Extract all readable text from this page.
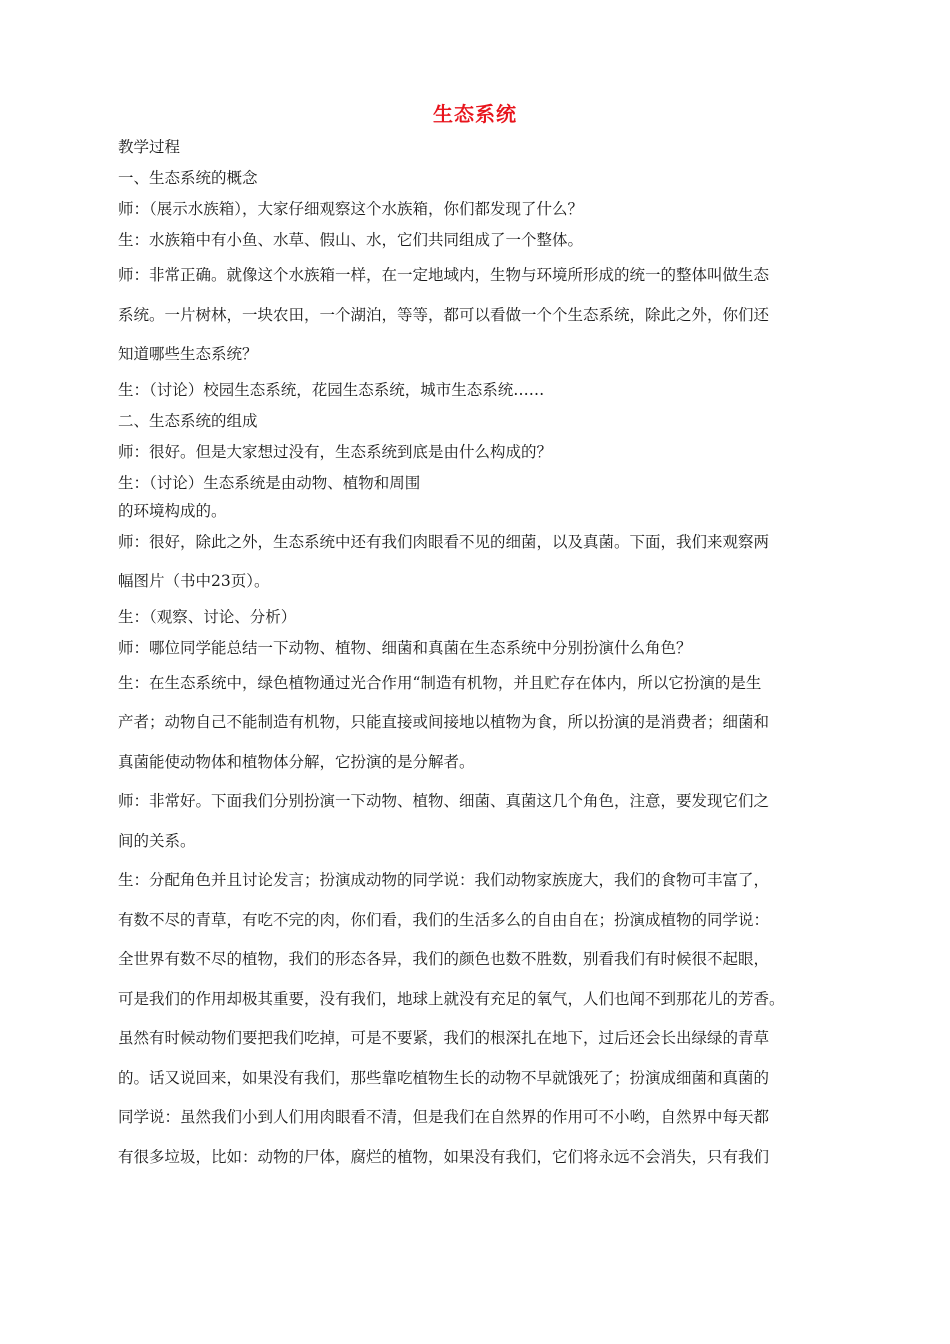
生态系统

教学过程

一、生态系统的概念

师：（展示水族箱），大家仔细观察这个水族箱，你们都发现了什么？

生：水族箱中有小鱼、水草、假山、水，它们共同组成了一个整体。

师：非常正确。就像这个水族箱一样，在一定地域内，生物与环境所形成的统一的整体叫做生态

系统。一片树林，一块农田，一个湖泊，等等，都可以看做一个个生态系统，除此之外，你们还

知道哪些生态系统？

生：（讨论）校园生态系统，花园生态系统，城市生态系统……

二、生态系统的组成

师：很好。但是大家想过没有，生态系统到底是由什么构成的？

生：（讨论）生态系统是由动物、植物和周围

的环境构成的。

师：很好，除此之外，生态系统中还有我们肉眼看不见的细菌，以及真菌。下面，我们来观察两

幅图片（书中23页）。

生：（观察、讨论、分析）

师：哪位同学能总结一下动物、植物、细菌和真菌在生态系统中分别扮演什么角色？

生：在生态系统中，绿色植物通过光合作用“制造有机物，并且贮存在体内，所以它扮演的是生

产者；动物自己不能制造有机物，只能直接或间接地以植物为食，所以扮演的是消费者；细菌和

真菌能使动物体和植物体分解，它扮演的是分解者。

师：非常好。下面我们分别扮演一下动物、植物、细菌、真菌这几个角色，注意，要发现它们之

间的关系。

生：分配角色并且讨论发言；扮演成动物的同学说：我们动物家族庞大，我们的食物可丰富了，

有数不尽的青草，有吃不完的肉，你们看，我们的生活多么的自由自在；扮演成植物的同学说：

全世界有数不尽的植物，我们的形态各异，我们的颜色也数不胜数，别看我们有时候很不起眼，

可是我们的作用却极其重要，没有我们，地球上就没有充足的氧气，人们也闻不到那花儿的芳香。

虽然有时候动物们要把我们吃掉，可是不要紧，我们的根深扎在地下，过后还会长出绿绿的青草

的。话又说回来，如果没有我们，那些靠吃植物生长的动物不早就饿死了；扮演成细菌和真菌的

同学说：虽然我们小到人们用肉眼看不清，但是我们在自然界的作用可不小哟，自然界中每天都

有很多垃圾，比如：动物的尸体，腐烂的植物，如果没有我们，它们将永远不会消失，只有我们
